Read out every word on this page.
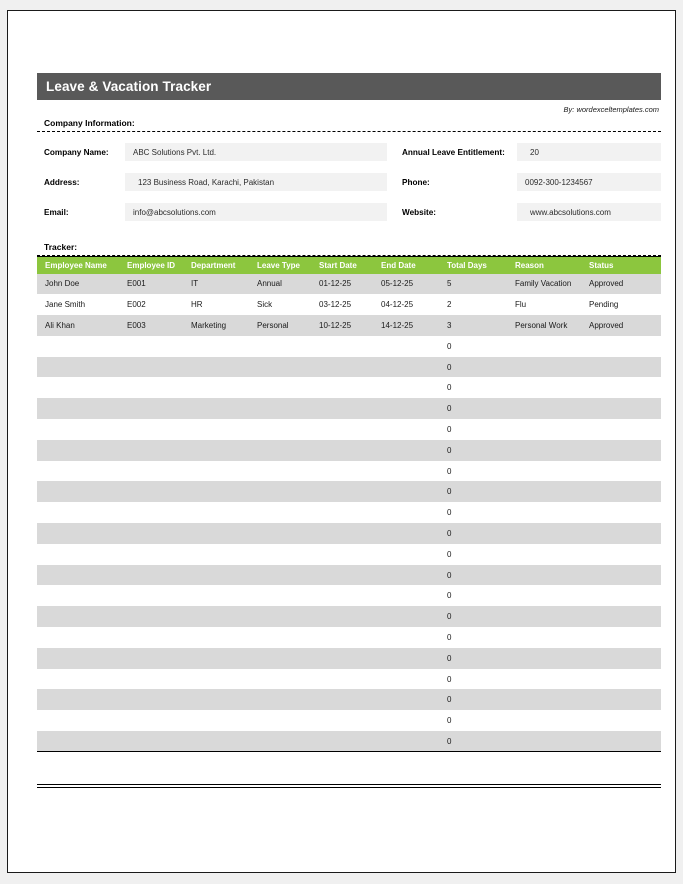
Leave & Vacation Tracker
By: wordexceltemplates.com
Company Information:
Company Name:	ABC Solutions Pvt. Ltd.	Annual Leave Entitlement:	20
Address:	123 Business Road, Karachi, Pakistan	Phone:	0092-300-1234567
Email:	info@abcsolutions.com	Website:	www.abcsolutions.com
Tracker:
Employee Name	Employee ID	Department	Leave Type	Start Date	End Date	Total Days	Reason	Status
John Doe	E001	IT	Annual	01-12-25	05-12-25	5	Family Vacation	Approved
Jane Smith	E002	HR	Sick	03-12-25	04-12-25	2	Flu	Pending
Ali Khan	E003	Marketing	Personal	10-12-25	14-12-25	3	Personal Work	Approved
						0		
						0		
						0		
						0		
						0		
						0		
						0		
						0		
						0		
						0		
						0		
						0		
						0		
						0		
						0		
						0		
						0		
						0		
						0		
						0		
